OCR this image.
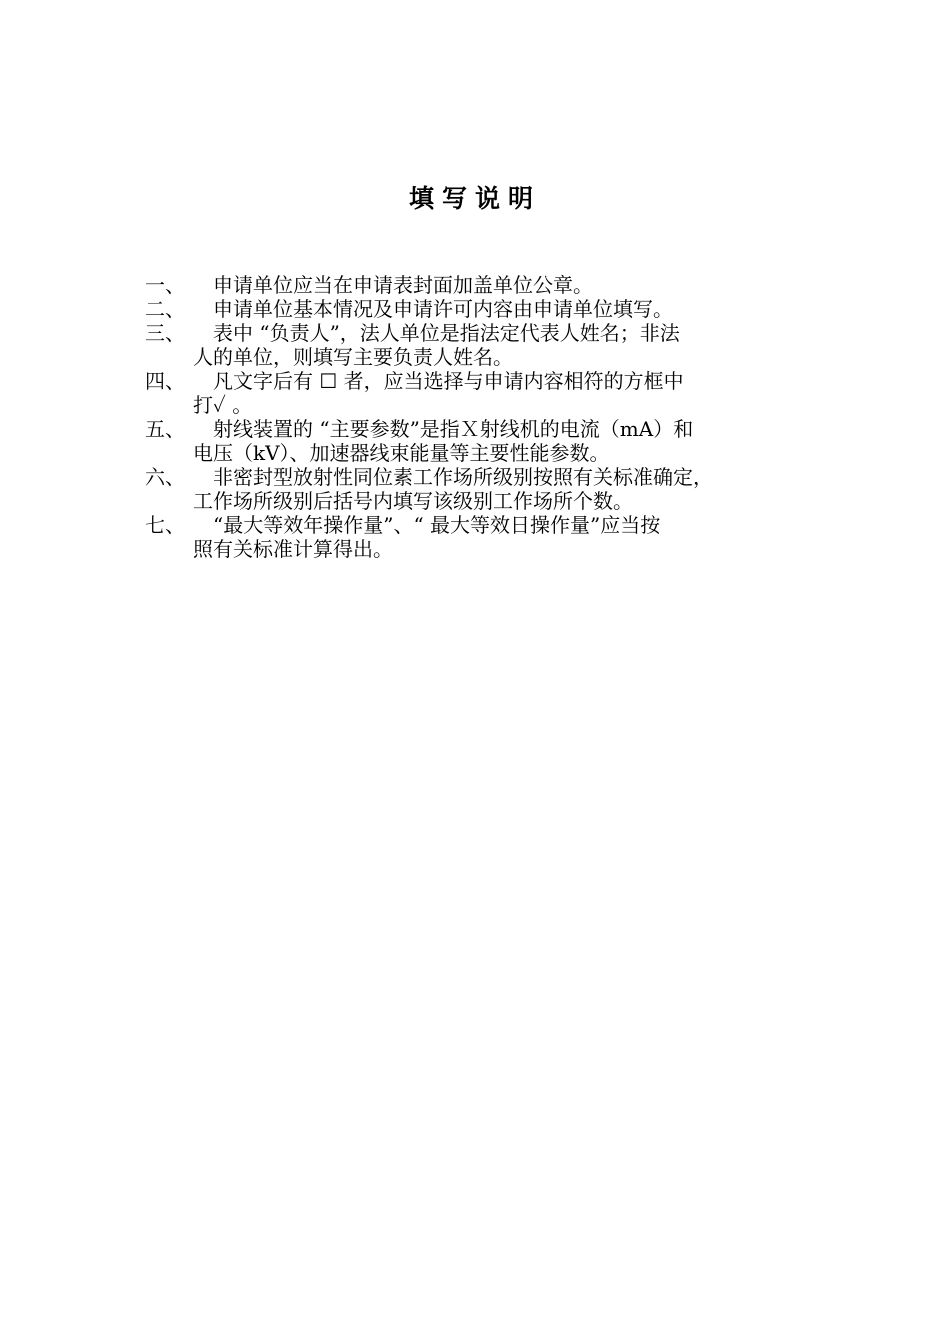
填写说明
一、 申请单位应当在申请表封面加盖单位公章。
二、 申请单位基本情况及申请许可内容由申请单位填写。
三、 表中 “负责人”，法人单位是指法定代表人姓名；非法
人的单位，则填写主要负责人姓名。
四、 凡文字后有 ☐ 者，应当选择与申请内容相符的方框中
打✓ 。
五、 射线装置的 “主要参数”是指Ｘ射线机的电流（mA）和
电压（kV）、加速器线束能量等主要性能参数。
六、 非密封型放射性同位素工作场所级别按照有关标准确定，
工作场所级别后括号内填写该级别工作场所个数。
七、 “最大等效年操作量”、“ 最大等效日操作量”应当按
照有关标准计算得出。
